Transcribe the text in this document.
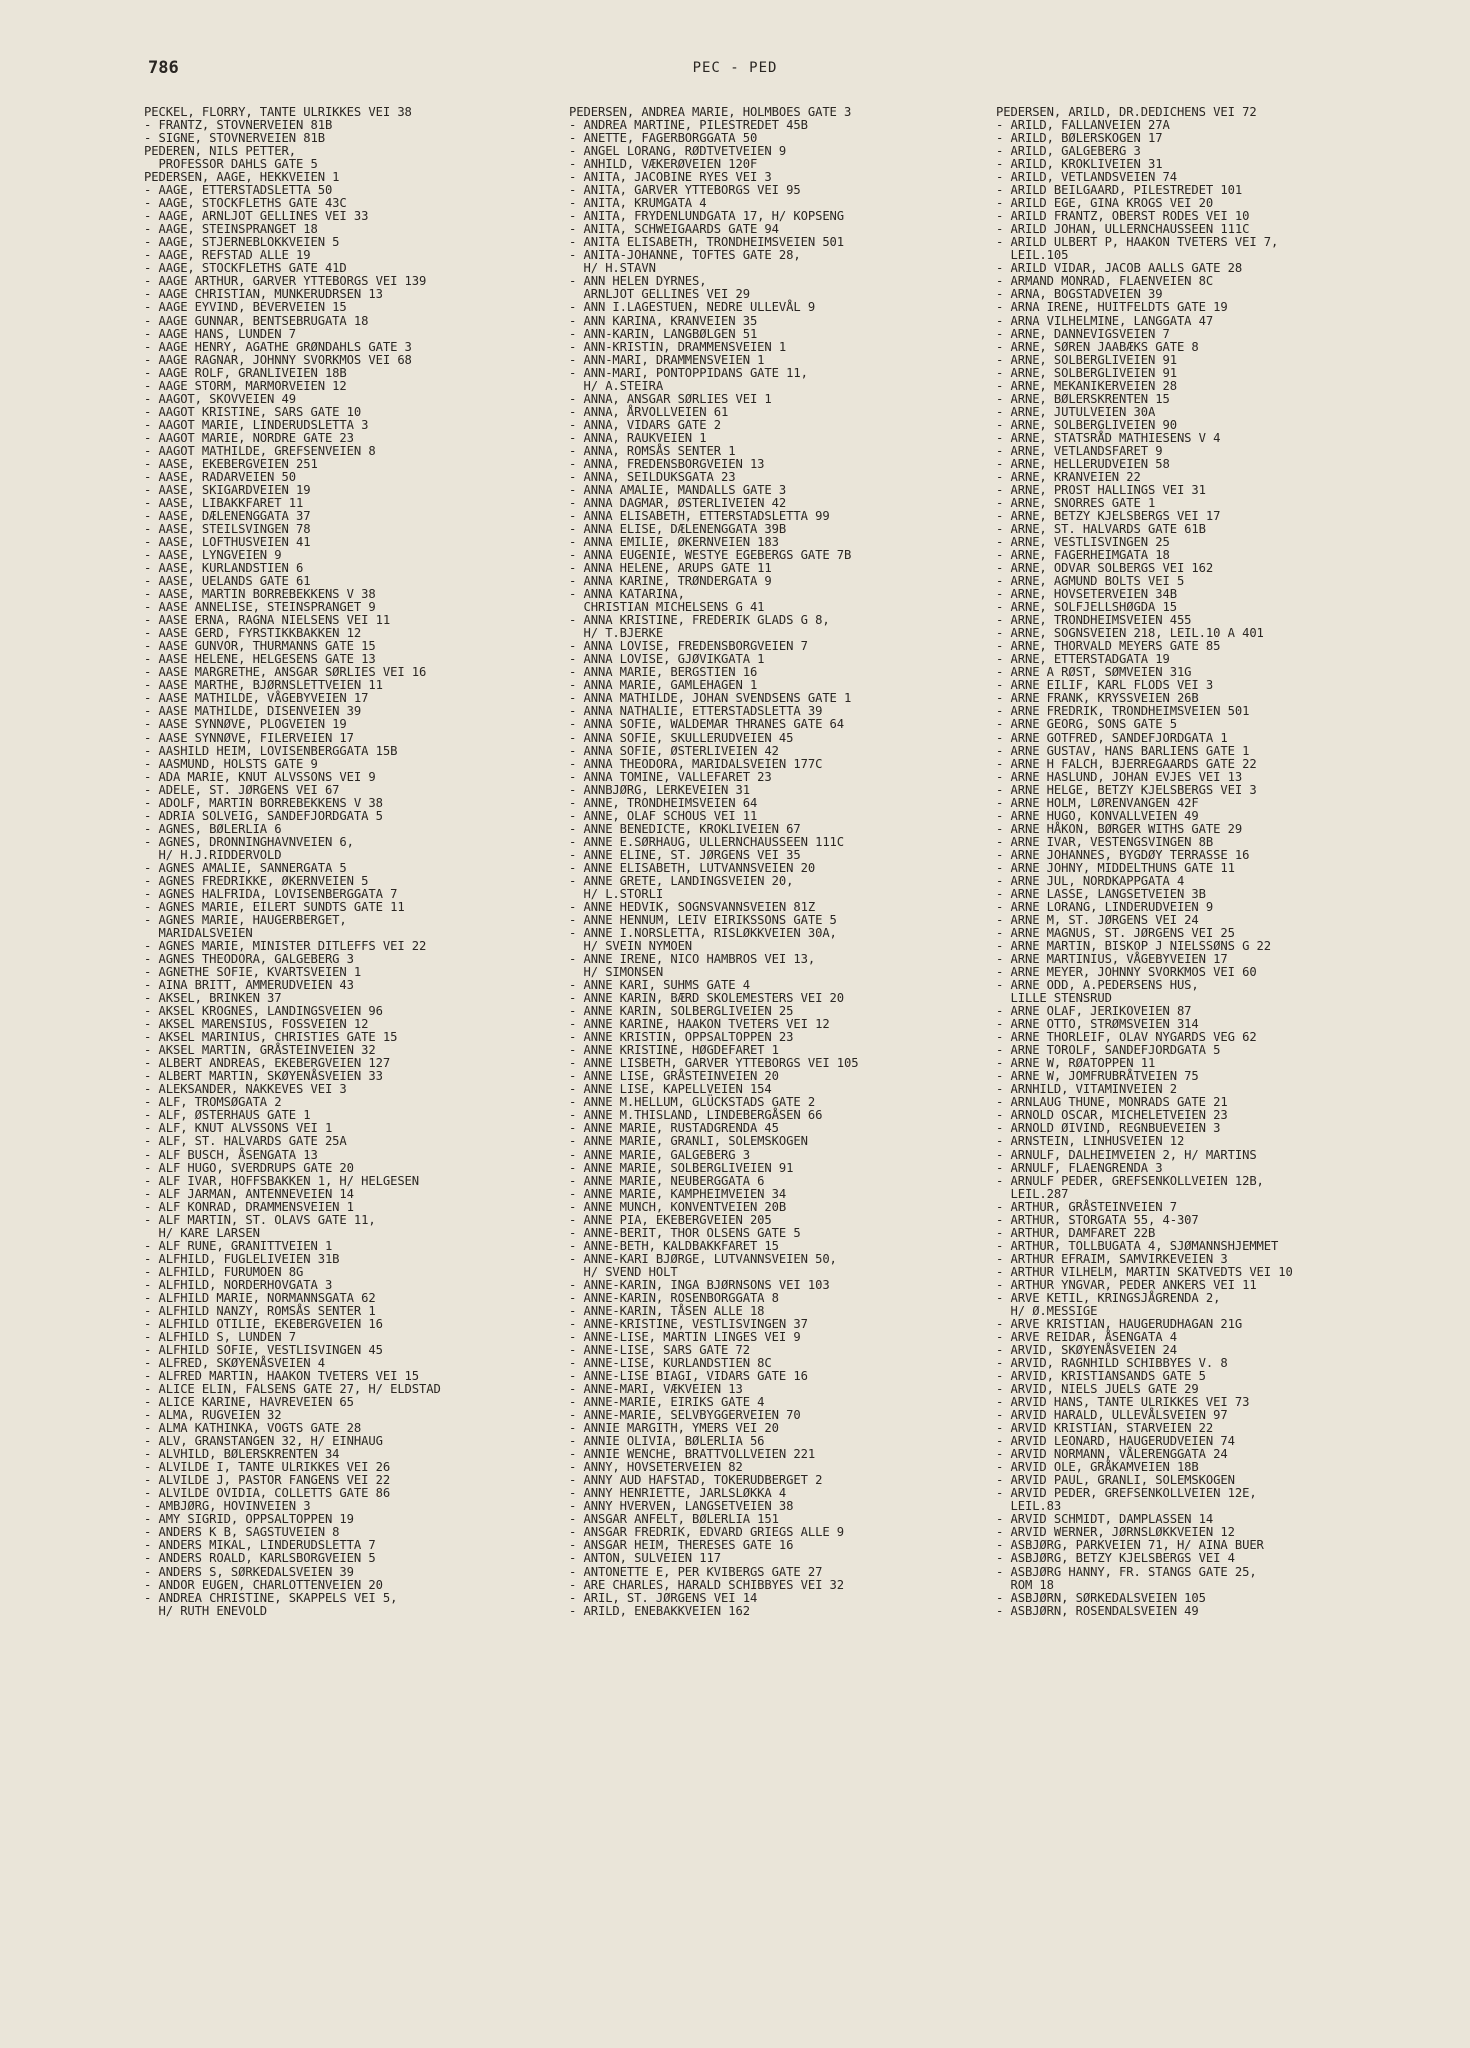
786	PEC - PED
PECKEL, FLORRY, TANTE ULRIKKES VEI 38
- FRANTZ, STOVNERVEIEN 81B
- SIGNE, STOVNERVEIEN 81B
PEDEREN, NILS PETTER,
PROFESSOR DAHLS GATE 5
PEDERSEN, AAGE, HEKKVEIEN 1
- AAGE, ETTERSTADSLETTA 50
- AAGE, STOCKFLETHS GATE 43C
- AAGE, ARNLJOT GELLINES VEI 33
- AAGE, STEINSPRANGET 18
- AAGE, STJERNEBLOKKVEIEN 5
- AAGE, REFSTAD ALLE 19
- AAGE, STOCKFLETHS GATE 41D
- AAGE ARTHUR, GARVER YTTEBORGS VEI 139
- AAGE CHRISTIAN, MUNKERUDRSEN 13
- AAGE EYVIND, BEVERVEIEN 15
- AAGE GUNNAR, BENTSEBRUGATA 18
- AAGE HANS, LUNDEN 7
- AAGE HENRY, AGATHE GRØNDAHLS GATE 3
- AAGE RAGNAR, JOHNNY SVORKMOS VEI 68
- AAGE ROLF, GRANLIVEIEN 18B
- AAGE STORM, MARMORVEIEN 12
- AAGOT, SKOVVEIEN 49
- AAGOT KRISTINE, SARS GATE 10
- AAGOT MARIE, LINDERUDSLETTA 3
- AAGOT MARIE, NORDRE GATE 23
- AAGOT MATHILDE, GREFSENVEIEN 8
- AASE, EKEBERGVEIEN 251
- AASE, RADARVEIEN 50
- AASE, SKIGARDVEIEN 19
- AASE, LIBAKKFARET 11
- AASE, DÆLENENGGATA 37
- AASE, STEILSVINGEN 78
- AASE, LOFTHUSVEIEN 41
- AASE, LYNGVEIEN 9
- AASE, KURLANDSTIEN 6
- AASE, UELANDS GATE 61
- AASE, MARTIN BORREBEKKENS V 38
- AASE ANNELISE, STEINSPRANGET 9
- AASE ERNA, RAGNA NIELSENS VEI 11
- AASE GERD, FYRSTIKKBAKKEN 12
- AASE GUNVOR, THURMANNS GATE 15
- AASE HELENE, HELGESENS GATE 13
- AASE MARGRETHE, ANSGAR SØRLIES VEI 16
- AASE MARTHE, BJØRNSLETTVEIEN 11
- AASE MATHILDE, VÅGEBYVEIEN 17
- AASE MATHILDE, DISENVEIEN 39
- AASE SYNNØVE, PLOGVEIEN 19
- AASE SYNNØVE, FILERVEIEN 17
- AASHILD HEIM, LOVISENBERGGATA 15B
- AASMUND, HOLSTS GATE 9
- ADA MARIE, KNUT ALVSSONS VEI 9
- ADELE, ST. JØRGENS VEI 67
- ADOLF, MARTIN BORREBEKKENS V 38
- ADRIA SOLVEIG, SANDEFJORDGATA 5
- AGNES, BØLERLIA 6
- AGNES, DRONNINGHAVNVEIEN 6,
H/ H.J.RIDDERVOLD
- AGNES AMALIE, SANNERGATA 5
- AGNES FREDRIKKE, ØKERNVEIEN 5
- AGNES HALFRIDA, LOVISENBERGGATA 7
- AGNES MARIE, EILERT SUNDTS GATE 11
- AGNES MARIE, HAUGERBERGET,
MARIDALSVEIEN
- AGNES MARIE, MINISTER DITLEFFS VEI 22
- AGNES THEODORA, GALGEBERG 3
- AGNETHE SOFIE, KVARTSVEIEN 1
- AINA BRITT, AMMERUDVEIEN 43
- AKSEL, BRINKEN 37
- AKSEL KROGNES, LANDINGSVEIEN 96
- AKSEL MARENSIUS, FOSSVEIEN 12
- AKSEL MARINIUS, CHRISTIES GATE 15
- AKSEL MARTIN, GRÅSTEINVEIEN 32
- ALBERT ANDREAS, EKEBERGVEIEN 127
- ALBERT MARTIN, SKØYENÅSVEIEN 33
- ALEKSANDER, NAKKEVES VEI 3
- ALF, TROMSØGATA 2
- ALF, ØSTERHAUS GATE 1
- ALF, KNUT ALVSSONS VEI 1
- ALF, ST. HALVARDS GATE 25A
- ALF BUSCH, ÅSENGATA 13
- ALF HUGO, SVERDRUPS GATE 20
- ALF IVAR, HOFFSBAKKEN 1, H/ HELGESEN
- ALF JARMAN, ANTENNEVEIEN 14
- ALF KONRAD, DRAMMENSVEIEN 1
- ALF MARTIN, ST. OLAVS GATE 11,
H/ KARE LARSEN
- ALF RUNE, GRANITTVEIEN 1
- ALFHILD, FUGLELIVEIEN 31B
- ALFHILD, FURUMOEN 8G
- ALFHILD, NORDERHOVGATA 3
- ALFHILD MARIE, NORMANNSGATA 62
- ALFHILD NANZY, ROMSÅS SENTER 1
- ALFHILD OTILIE, EKEBERGVEIEN 16
- ALFHILD S, LUNDEN 7
- ALFHILD SOFIE, VESTLISVINGEN 45
- ALFRED, SKØYENÅSVEIEN 4
- ALFRED MARTIN, HAAKON TVETERS VEI 15
- ALICE ELIN, FALSENS GATE 27, H/ ELDSTAD
- ALICE KARINE, HAVREVEIEN 65
- ALMA, RUGVEIEN 32
- ALMA KATHINKA, VOGTS GATE 28
- ALV, GRANSTANGEN 32, H/ EINHAUG
- ALVHILD, BØLERSKRENTEN 34
- ALVILDE I, TANTE ULRIKKES VEI 26
- ALVILDE J, PASTOR FANGENS VEI 22
- ALVILDE OVIDIA, COLLETTS GATE 86
- AMBJØRG, HOVINVEIEN 3
- AMY SIGRID, OPPSALTOPPEN 19
- ANDERS K B, SAGSTUVEIEN 8
- ANDERS MIKAL, LINDERUDSLETTA 7
- ANDERS ROALD, KARLSBORGVEIEN 5
- ANDERS S, SØRKEDALSVEIEN 39
- ANDOR EUGEN, CHARLOTTENVEIEN 20
- ANDREA CHRISTINE, SKAPPELS VEI 5,
H/ RUTH ENEVOLD
PEDERSEN, ANDREA MARIE, HOLMBOES GATE 3
- ANDREA MARTINE, PILESTREDET 45B
- ANETTE, FAGERBORGGATA 50
- ANGEL LORANG, RØDTVETVEIEN 9
- ANHILD, VÆKERØVEIEN 120F
- ANITA, JACOBINE RYES VEI 3
- ANITA, GARVER YTTEBORGS VEI 95
- ANITA, KRUMGATA 4
- ANITA, FRYDENLUNDGATA 17, H/ KOPSENG
- ANITA, SCHWEIGAARDS GATE 94
- ANITA ELISABETH, TRONDHEIMSVEIEN 501
- ANITA-JOHANNE, TOFTES GATE 28,
H/ H.STAVN
- ANN HELEN DYRNES,
ARNLJOT GELLINES VEI 29
- ANN I.LAGESTUEN, NEDRE ULLEVÅL 9
- ANN KARINA, KRANVEIEN 35
- ANN-KARIN, LANGBØLGEN 51
- ANN-KRISTIN, DRAMMENSVEIEN 1
- ANN-MARI, DRAMMENSVEIEN 1
- ANN-MARI, PONTOPPIDANS GATE 11,
H/ A.STEIRA
- ANNA, ANSGAR SØRLIES VEI 1
- ANNA, ÅRVOLLVEIEN 61
- ANNA, VIDARS GATE 2
- ANNA, RAUKVEIEN 1
- ANNA, ROMSÅS SENTER 1
- ANNA, FREDENSBORGVEIEN 13
- ANNA, SEILDUKSGATA 23
- ANNA AMALIE, MANDALLS GATE 3
- ANNA DAGMAR, ØSTERLIVEIEN 42
- ANNA ELISABETH, ETTERSTADSLETTA 99
- ANNA ELISE, DÆLENENGGATA 39B
- ANNA EMILIE, ØKERNVEIEN 183
- ANNA EUGENIE, WESTYE EGEBERGS GATE 7B
- ANNA HELENE, ARUPS GATE 11
- ANNA KARINE, TRØNDERGATA 9
- ANNA KATARINA,
CHRISTIAN MICHELSENS G 41
- ANNA KRISTINE, FREDERIK GLADS G 8,
H/ T.BJERKE
- ANNA LOVISE, FREDENSBORGVEIEN 7
- ANNA LOVISE, GJØVIKGATA 1
- ANNA MARIE, BERGSTIEN 16
- ANNA MARIE, GAMLEHAGEN 1
- ANNA MATHILDE, JOHAN SVENDSENS GATE 1
- ANNA NATHALIE, ETTERSTADSLETTA 39
- ANNA SOFIE, WALDEMAR THRANES GATE 64
- ANNA SOFIE, SKULLERUDVEIEN 45
- ANNA SOFIE, ØSTERLIVEIEN 42
- ANNA THEODORA, MARIDALSVEIEN 177C
- ANNA TOMINE, VALLEFARET 23
- ANNBJØRG, LERKEVEIEN 31
- ANNE, TRONDHEIMSVEIEN 64
- ANNE, OLAF SCHOUS VEI 11
- ANNE BENEDICTE, KROKLIVEIEN 67
- ANNE E.SØRHAUG, ULLERNCHAUSSEEN 111C
- ANNE ELINE, ST. JØRGENS VEI 35
- ANNE ELISABETH, LUTVANNSVEIEN 20
- ANNE GRETE, LANDINGSVEIEN 20,
H/ L.STORLI
- ANNE HEDVIK, SOGNSVANNSVEIEN 81Z
- ANNE HENNUM, LEIV EIRIKSSONS GATE 5
- ANNE I.NORSLETTA, RISLØKKVEIEN 30A,
H/ SVEIN NYMOEN
- ANNE IRENE, NICO HAMBROS VEI 13,
H/ SIMONSEN
- ANNE KARI, SUHMS GATE 4
- ANNE KARIN, BÆRD SKOLEMESTERS VEI 20
- ANNE KARIN, SOLBERGLIVEIEN 25
- ANNE KARINE, HAAKON TVETERS VEI 12
- ANNE KRISTIN, OPPSALTOPPEN 23
- ANNE KRISTINE, HØGDEFARET 1
- ANNE LISBETH, GARVER YTTEBORGS VEI 105
- ANNE LISE, GRÅSTEINVEIEN 20
- ANNE LISE, KAPELLVEIEN 154
- ANNE M.HELLUM, GLÜCKSTADS GATE 2
- ANNE M.THISLAND, LINDEBERGÅSEN 66
- ANNE MARIE, RUSTADGRENDA 45
- ANNE MARIE, GRANLI, SOLEMSKOGEN
- ANNE MARIE, GALGEBERG 3
- ANNE MARIE, SOLBERGLIVEIEN 91
- ANNE MARIE, NEUBERGGATA 6
- ANNE MARIE, KAMPHEIMVEIEN 34
- ANNE MUNCH, KONVENTVEIEN 20B
- ANNE PIA, EKEBERGVEIEN 205
- ANNE-BERIT, THOR OLSENS GATE 5
- ANNE-BETH, KALDBAKKFARET 15
- ANNE-KARI BJØRGE, LUTVANNSVEIEN 50,
H/ SVEND HOLT
- ANNE-KARIN, INGA BJØRNSONS VEI 103
- ANNE-KARIN, ROSENBORGGATA 8
- ANNE-KARIN, TÅSEN ALLE 18
- ANNE-KRISTINE, VESTLISVINGEN 37
- ANNE-LISE, MARTIN LINGES VEI 9
- ANNE-LISE, SARS GATE 72
- ANNE-LISE, KURLANDSTIEN 8C
- ANNE-LISE BIAGI, VIDARS GATE 16
- ANNE-MARI, VÆKVEIEN 13
- ANNE-MARIE, EIRIKS GATE 4
- ANNE-MARIE, SELVBYGGERVEIEN 70
- ANNIE MARGITH, YMERS VEI 20
- ANNIE OLIVIA, BØLERLIA 56
- ANNIE WENCHE, BRATTVOLLVEIEN 221
- ANNY, HOVSETERVEIEN 82
- ANNY AUD HAFSTAD, TOKERUDBERGET 2
- ANNY HENRIETTE, JARLSLØKKA 4
- ANNY HVERVEN, LANGSETVEIEN 38
- ANSGAR ANFELT, BØLERLIA 151
- ANSGAR FREDRIK, EDVARD GRIEGS ALLE 9
- ANSGAR HEIM, THERESES GATE 16
- ANTON, SULVEIEN 117
- ANTONETTE E, PER KVIBERGS GATE 27
- ARE CHARLES, HARALD SCHIBBYES VEI 32
- ARIL, ST. JØRGENS VEI 14
- ARILD, ENEBAKKVEIEN 162
PEDERSEN, ARILD, DR.DEDICHENS VEI 72
- ARILD, FALLANVEIEN 27A
- ARILD, BØLERSKOGEN 17
- ARILD, GALGEBERG 3
- ARILD, KROKLIVEIEN 31
- ARILD, VETLANDSVEIEN 74
- ARILD BEILGAARD, PILESTREDET 101
- ARILD EGE, GINA KROGS VEI 20
- ARILD FRANTZ, OBERST RODES VEI 10
- ARILD JOHAN, ULLERNCHAUSSEEN 111C
- ARILD ULBERT P, HAAKON TVETERS VEI 7,
LEIL.105
- ARILD VIDAR, JACOB AALLS GATE 28
- ARMAND MONRAD, FLAENVEIEN 8C
- ARNA, BOGSTADVEIEN 39
- ARNA IRENE, HUITFELDTS GATE 19
- ARNA VILHELMINE, LANGGATA 47
- ARNE, DANNEVIGSVEIEN 7
- ARNE, SØREN JAABÆKS GATE 8
- ARNE, SOLBERGLIVEIEN 91
- ARNE, SOLBERGLIVEIEN 91
- ARNE, MEKANIKERVEIEN 28
- ARNE, BØLERSKRENTEN 15
- ARNE, JUTULVEIEN 30A
- ARNE, SOLBERGLIVEIEN 90
- ARNE, STATSRÅD MATHIESENS V 4
- ARNE, VETLANDSFARET 9
- ARNE, HELLERUDVEIEN 58
- ARNE, KRANVEIEN 22
- ARNE, PROST HALLINGS VEI 31
- ARNE, SNORRES GATE 1
- ARNE, BETZY KJELSBERGS VEI 17
- ARNE, ST. HALVARDS GATE 61B
- ARNE, VESTLISVINGEN 25
- ARNE, FAGERHEIMGATA 18
- ARNE, ODVAR SOLBERGS VEI 162
- ARNE, AGMUND BOLTS VEI 5
- ARNE, HOVSETERVEIEN 34B
- ARNE, SOLFJELLSHØGDA 15
- ARNE, TRONDHEIMSVEIEN 455
- ARNE, SOGNSVEIEN 218, LEIL.10 A 401
- ARNE, THORVALD MEYERS GATE 85
- ARNE, ETTERSTADGATA 19
- ARNE A RØST, SØMVEIEN 31G
- ARNE EILIF, KARL FLODS VEI 3
- ARNE FRANK, KRYSSVEIEN 26B
- ARNE FREDRIK, TRONDHEIMSVEIEN 501
- ARNE GEORG, SONS GATE 5
- ARNE GOTFRED, SANDEFJORDGATA 1
- ARNE GUSTAV, HANS BARLIENS GATE 1
- ARNE H FALCH, BJERREGAARDS GATE 22
- ARNE HASLUND, JOHAN EVJES VEI 13
- ARNE HELGE, BETZY KJELSBERGS VEI 3
- ARNE HOLM, LØRENVANGEN 42F
- ARNE HUGO, KONVALLVEIEN 49
- ARNE HÅKON, BØRGER WITHS GATE 29
- ARNE IVAR, VESTENGSVINGEN 8B
- ARNE JOHANNES, BYGDØY TERRASSE 16
- ARNE JOHNY, MIDDELTHUNS GATE 11
- ARNE JUL, NORDKAPPGATA 4
- ARNE LASSE, LANGSETVEIEN 3B
- ARNE LORANG, LINDERUDVEIEN 9
- ARNE M, ST. JØRGENS VEI 24
- ARNE MAGNUS, ST. JØRGENS VEI 25
- ARNE MARTIN, BISKOP J NIELSSØNS G 22
- ARNE MARTINIUS, VÅGEBYVEIEN 17
- ARNE MEYER, JOHNNY SVORKMOS VEI 60
- ARNE ODD, A.PEDERSENS HUS,
LILLE STENSRUD
- ARNE OLAF, JERIKOVEIEN 87
- ARNE OTTO, STRØMSVEIEN 314
- ARNE THORLEIF, OLAV NYGARDS VEG 62
- ARNE TOROLF, SANDEFJORDGATA 5
- ARNE W, RØATOPPEN 11
- ARNE W, JOMFRUBRÅTVEIEN 75
- ARNHILD, VITAMINVEIEN 2
- ARNLAUG THUNE, MONRADS GATE 21
- ARNOLD OSCAR, MICHELETVEIEN 23
- ARNOLD ØIVIND, REGNBUEVEIEN 3
- ARNSTEIN, LINHUSVEIEN 12
- ARNULF, DALHEIMVEIEN 2, H/ MARTINS
- ARNULF, FLAENGRENDA 3
- ARNULF PEDER, GREFSENKOLLVEIEN 12B,
LEIL.287
- ARTHUR, GRÅSTEINVEIEN 7
- ARTHUR, STORGATA 55, 4-307
- ARTHUR, DAMFARET 22B
- ARTHUR, TOLLBUGATA 4, SJØMANNSHJEMMET
- ARTHUR EFRAIM, SAMVIRKEVEIEN 3
- ARTHUR VILHELM, MARTIN SKATVEDTS VEI 10
- ARTHUR YNGVAR, PEDER ANKERS VEI 11
- ARVE KETIL, KRINGSJÅGRENDA 2,
H/ Ø.MESSIGE
- ARVE KRISTIAN, HAUGERUDHAGAN 21G
- ARVE REIDAR, ÅSENGATA 4
- ARVID, SKØYENÅSVEIEN 24
- ARVID, RAGNHILD SCHIBBYES V. 8
- ARVID, KRISTIANSANDS GATE 5
- ARVID, NIELS JUELS GATE 29
- ARVID HANS, TANTE ULRIKKES VEI 73
- ARVID HARALD, ULLEVÅLSVEIEN 97
- ARVID KRISTIAN, STARVEIEN 22
- ARVID LEONARD, HAUGERUDVEIEN 74
- ARVID NORMANN, VÅLERENGGATA 24
- ARVID OLE, GRÅKAMVEIEN 18B
- ARVID PAUL, GRANLI, SOLEMSKOGEN
- ARVID PEDER, GREFSENKOLLVEIEN 12E,
LEIL.83
- ARVID SCHMIDT, DAMPLASSEN 14
- ARVID WERNER, JØRNSLØKKVEIEN 12
- ASBJØRG, PARKVEIEN 71, H/ AINA BUER
- ASBJØRG, BETZY KJELSBERGS VEI 4
- ASBJØRG HANNY, FR. STANGS GATE 25,
ROM 18
- ASBJØRN, SØRKEDALSVEIEN 105
- ASBJØRN, ROSENDALSVEIEN 49
